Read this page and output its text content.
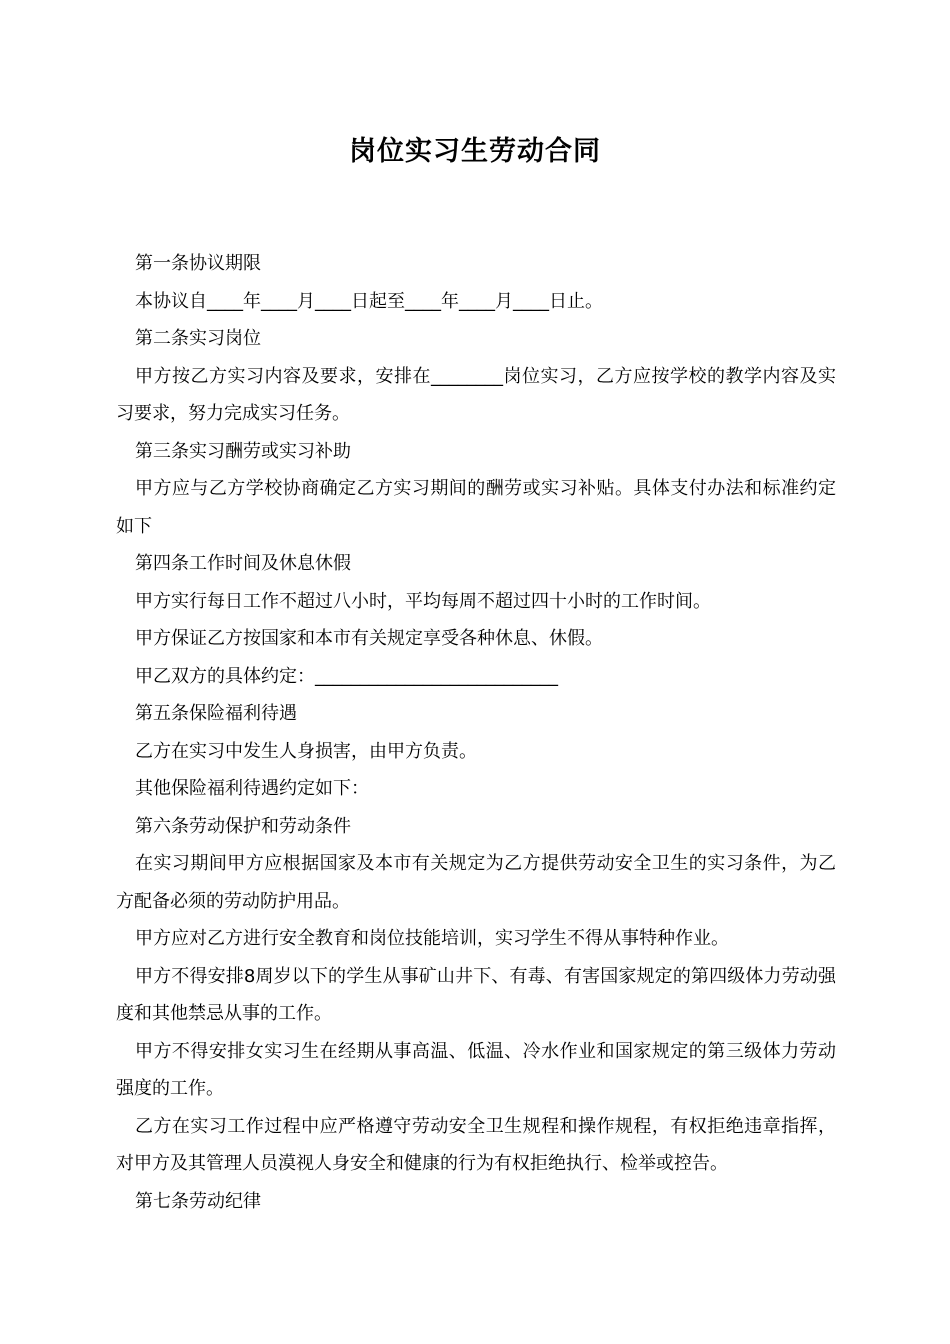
岗位实习生劳动合同
第一条协议期限
本协议自____年____月____日起至____年____月____日止。
第二条实习岗位

甲方按乙方实习内容及要求，安排在________岗位实习，乙方应按学校的教学内容及实习要求，努力完成实习任务。

第三条实习酬劳或实习补助

甲方应与乙方学校协商确定乙方实习期间的酬劳或实习补贴。具体支付办法和标准约定如下

第四条工作时间及休息休假
甲方实行每日工作不超过八小时，平均每周不超过四十小时的工作时间。
甲方保证乙方按国家和本市有关规定享受各种休息、休假。
甲乙双方的具体约定：___________________________
第五条保险福利待遇
乙方在实习中发生人身损害，由甲方负责。
其他保险福利待遇约定如下：
第六条劳动保护和劳动条件

在实习期间甲方应根据国家及本市有关规定为乙方提供劳动安全卫生的实习条件，为乙方配备必须的劳动防护用品。

甲方应对乙方进行安全教育和岗位技能培训，实习学生不得从事特种作业。

甲方不得安排8周岁以下的学生从事矿山井下、有毒、有害国家规定的第四级体力劳动强度和其他禁忌从事的工作。

甲方不得安排女实习生在经期从事高温、低温、冷水作业和国家规定的第三级体力劳动强度的工作。

乙方在实习工作过程中应严格遵守劳动安全卫生规程和操作规程，有权拒绝违章指挥，对甲方及其管理人员漠视人身安全和健康的行为有权拒绝执行、检举或控告。

第七条劳动纪律
